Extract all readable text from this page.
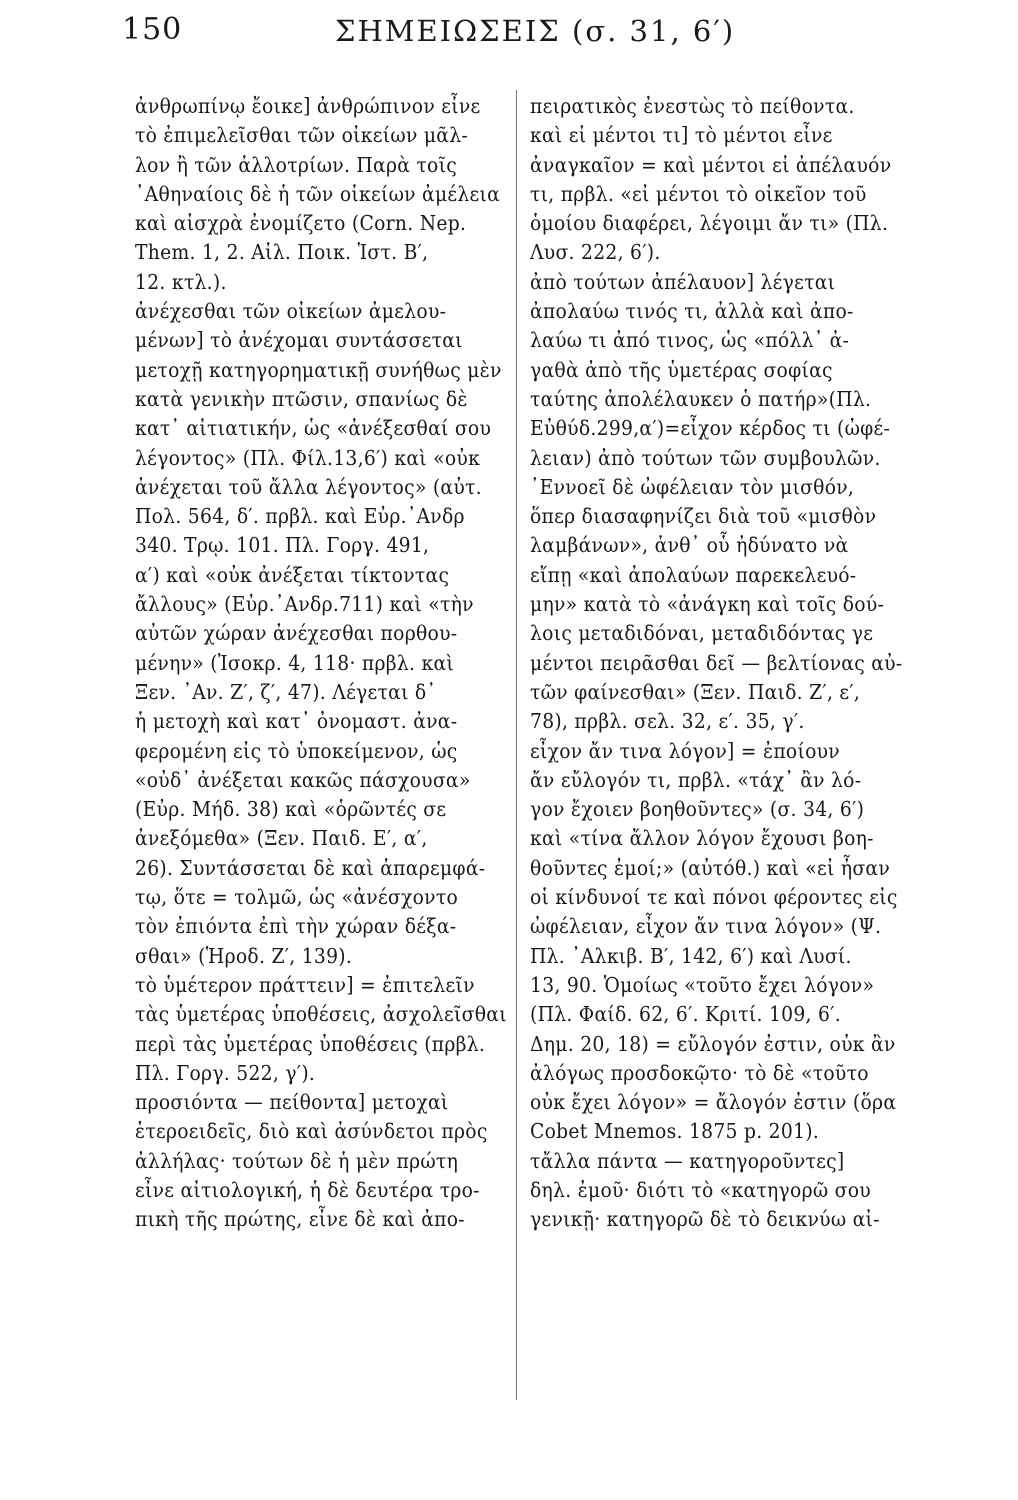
150	ΣΗΜΕΙΩΣΕΙΣ (σ. 31, 6′)
ἀνθρωπίνῳ ἔοικε] ἀνθρώπινον εἶνε
τὸ ἐπιμελεῖσθαι τῶν οἰκείων μᾶλ-
λον ἢ τῶν ἀλλοτρίων. Παρὰ τοῖς
᾿Αθηναίοις δὲ ἡ τῶν οἰκείων ἀμέλεια
καὶ αἰσχρὰ ἐνομίζετο (Corn. Nep.
Them. 1, 2. Αἰλ. Ποικ. Ἱστ. Β′,
12. κτλ.).
ἀνέχεσθαι τῶν οἰκείων ἀμελου-
μένων] τὸ ἀνέχομαι συντάσσεται
μετοχῇ κατηγορηματικῇ συνήθως μὲν
κατὰ γενικὴν πτῶσιν, σπανίως δὲ
κατ᾿ αἰτιατικήν, ὡς «ἀνέξεσθαί σου
λέγοντος» (Πλ. Φίλ.13,6′) καὶ «οὐκ
ἀνέχεται τοῦ ἄλλα λέγοντος» (αὐτ.
Πολ. 564, δ′. πρβλ. καὶ Εὐρ.᾿Ανδρ
340. Τρῳ. 101. Πλ. Γοργ. 491,
α′) καὶ «οὐκ ἀνέξεται τίκτοντας
ἄλλους» (Εὐρ.᾿Ανδρ.711) καὶ «τὴν
αὐτῶν χώραν ἀνέχεσθαι πορθου-
μένην» (Ἰσοκρ. 4, 118· πρβλ. καὶ
Ξεν. ᾿Αν. Ζ′, ζ′, 47). Λέγεται δ᾿
ἡ μετοχὴ καὶ κατ᾿ ὀνομαστ. ἀνα-
φερομένη εἰς τὸ ὑποκείμενον, ὡς
«οὐδ᾿ ἀνέξεται κακῶς πάσχουσα»
(Εὐρ. Μήδ. 38) καὶ «ὁρῶντές σε
ἀνεξόμεθα» (Ξεν. Παιδ. Ε′, α′,
26). Συντάσσεται δὲ καὶ ἀπαρεμφά-
τῳ, ὅτε = τολμῶ, ὡς «ἀνέσχοντο
τὸν ἐπιόντα ἐπὶ τὴν χώραν δέξα-
σθαι» (Ἡροδ. Ζ′, 139).
τὸ ὑμέτερον πράττειν] = ἐπιτελεῖν
τὰς ὑμετέρας ὑποθέσεις, ἀσχολεῖσθαι
περὶ τὰς ὑμετέρας ὑποθέσεις (πρβλ.
Πλ. Γοργ. 522, γ′).
προσιόντα — πείθοντα] μετοχαὶ
ἑτεροειδεῖς, διὸ καὶ ἀσύνδετοι πρὸς
ἀλλήλας· τούτων δὲ ἡ μὲν πρώτη
εἶνε αἰτιολογική, ἡ δὲ δευτέρα τρο-
πικὴ τῆς πρώτης, εἶνε δὲ καὶ ἀπο-
πειρατικὸς ἐνεστὼς τὸ πείθοντα.
καὶ εἰ μέντοι τι] τὸ μέντοι εἶνε
ἀναγκαῖον = καὶ μέντοι εἰ ἀπέλαυόν
τι, πρβλ. «εἰ μέντοι τὸ οἰκεῖον τοῦ
ὁμοίου διαφέρει, λέγοιμι ἄν τι» (Πλ.
Λυσ. 222, 6′).
ἀπὸ τούτων ἀπέλαυον] λέγεται
ἀπολαύω τινός τι, ἀλλὰ καὶ ἀπο-
λαύω τι ἀπό τινος, ὡς «πόλλ᾿ ἀ-
γαθὰ ἀπὸ τῆς ὑμετέρας σοφίας
ταύτης ἀπολέλαυκεν ὁ πατήρ»(Πλ.
Εὐθύδ.299,α′)=εἶχον κέρδος τι (ὠφέ-
λειαν) ἀπὸ τούτων τῶν συμβουλῶν.
᾿Εννοεῖ δὲ ὠφέλειαν τὸν μισθόν,
ὅπερ διασαφηνίζει διὰ τοῦ «μισθὸν
λαμβάνων», ἀνθ᾿ οὗ ἠδύνατο νὰ
εἴπῃ «καὶ ἀπολαύων παρεκελευό-
μην» κατὰ τὸ «ἀνάγκη καὶ τοῖς δού-
λοις μεταδιδόναι, μεταδιδόντας γε
μέντοι πειρᾶσθαι δεῖ — βελτίονας αὐ-
τῶν φαίνεσθαι» (Ξεν. Παιδ. Ζ′, ε′,
78), πρβλ. σελ. 32, ε′. 35, γ′.
εἶχον ἄν τινα λόγον] = ἐποίουν
ἄν εὔλογόν τι, πρβλ. «τάχ᾿ ἂν λό-
γον ἔχοιεν βοηθοῦντες» (σ. 34, 6′)
καὶ «τίνα ἄλλον λόγον ἔχουσι βοη-
θοῦντες ἐμοί;» (αὐτόθ.) καὶ «εἰ ἦσαν
οἱ κίνδυνοί τε καὶ πόνοι φέροντες εἰς
ὠφέλειαν, εἶχον ἄν τινα λόγον» (Ψ.
Πλ. ᾿Αλκιβ. Β′, 142, 6′) καὶ Λυσί.
13, 90. Ὁμοίως «τοῦτο ἔχει λόγον»
(Πλ. Φαίδ. 62, 6′. Κριτί. 109, 6′.
Δημ. 20, 18) = εὔλογόν ἐστιν, οὐκ ἂν
ἀλόγως προσδοκῷτο· τὸ δὲ «τοῦτο
οὐκ ἔχει λόγον» = ἄλογόν ἐστιν (ὅρα
Cobet Mnemos. 1875 p. 201).
τἄλλα πάντα — κατηγοροῦντες]
δηλ. ἐμοῦ· διότι τὸ «κατηγορῶ σου
γενικῇ· κατηγορῶ δὲ τὸ δεικνύω αἰ-
